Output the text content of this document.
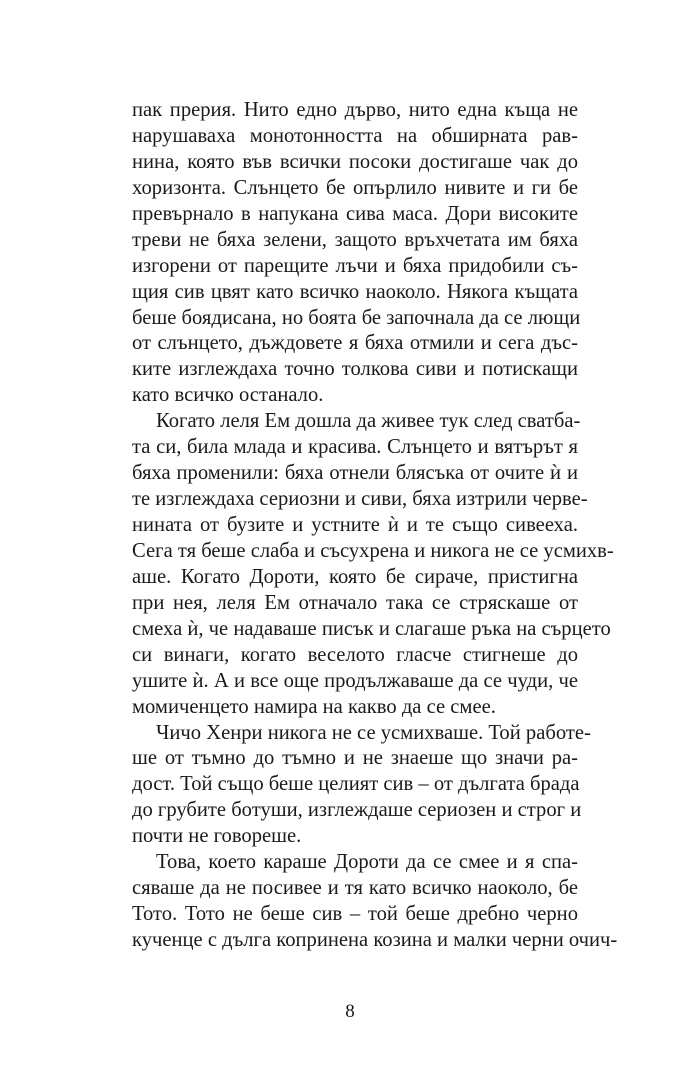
пак прерия. Нито едно дърво, нито една къща не
нарушаваха монотонността на обширната рав-
нина, която във всички посоки достигаше чак до
хоризонта. Слънцето бе опърлило нивите и ги бе
превърнало в напукана сива маса. Дори високите
треви не бяха зелени, защото връхчетата им бяха
изгорени от парещите лъчи и бяха придобили съ-
щия сив цвят като всичко наоколо. Някога къщата
беше боядисана, но боята бе започнала да се лющи
от слънцето, дъждовете я бяха отмили и сега дъс-
ките изглеждаха точно толкова сиви и потискащи
като всичко останало.
Когато леля Ем дошла да живее тук след сватба-
та си, била млада и красива. Слънцето и вятърът я
бяха променили: бяха отнели блясъка от очите ѝ и
те изглеждаха сериозни и сиви, бяха изтрили черве-
нината от бузите и устните ѝ и те също сивееха.
Сега тя беше слаба и съсухрена и никога не се усмихв-
аше. Когато Дороти, която бе сираче, пристигна
при нея, леля Ем отначало така се стряскаше от
смеха ѝ, че надаваше писък и слагаше ръка на сърцето
си винаги, когато веселото гласче стигнеше до
ушите ѝ. А и все още продължаваше да се чуди, че
момиченцето намира на какво да се смее.
Чичо Хенри никога не се усмихваше. Той работе-
ше от тъмно до тъмно и не знаеше що значи ра-
дост. Той също беше целият сив – от дългата брада
до грубите ботуши, изглеждаше сериозен и строг и
почти не говореше.
Това, което караше Дороти да се смее и я спа-
сяваше да не посивее и тя като всичко наоколо, бе
Тото. Тото не беше сив – той беше дребно черно
кученце с дълга копринена козина и малки черни очич-
8
